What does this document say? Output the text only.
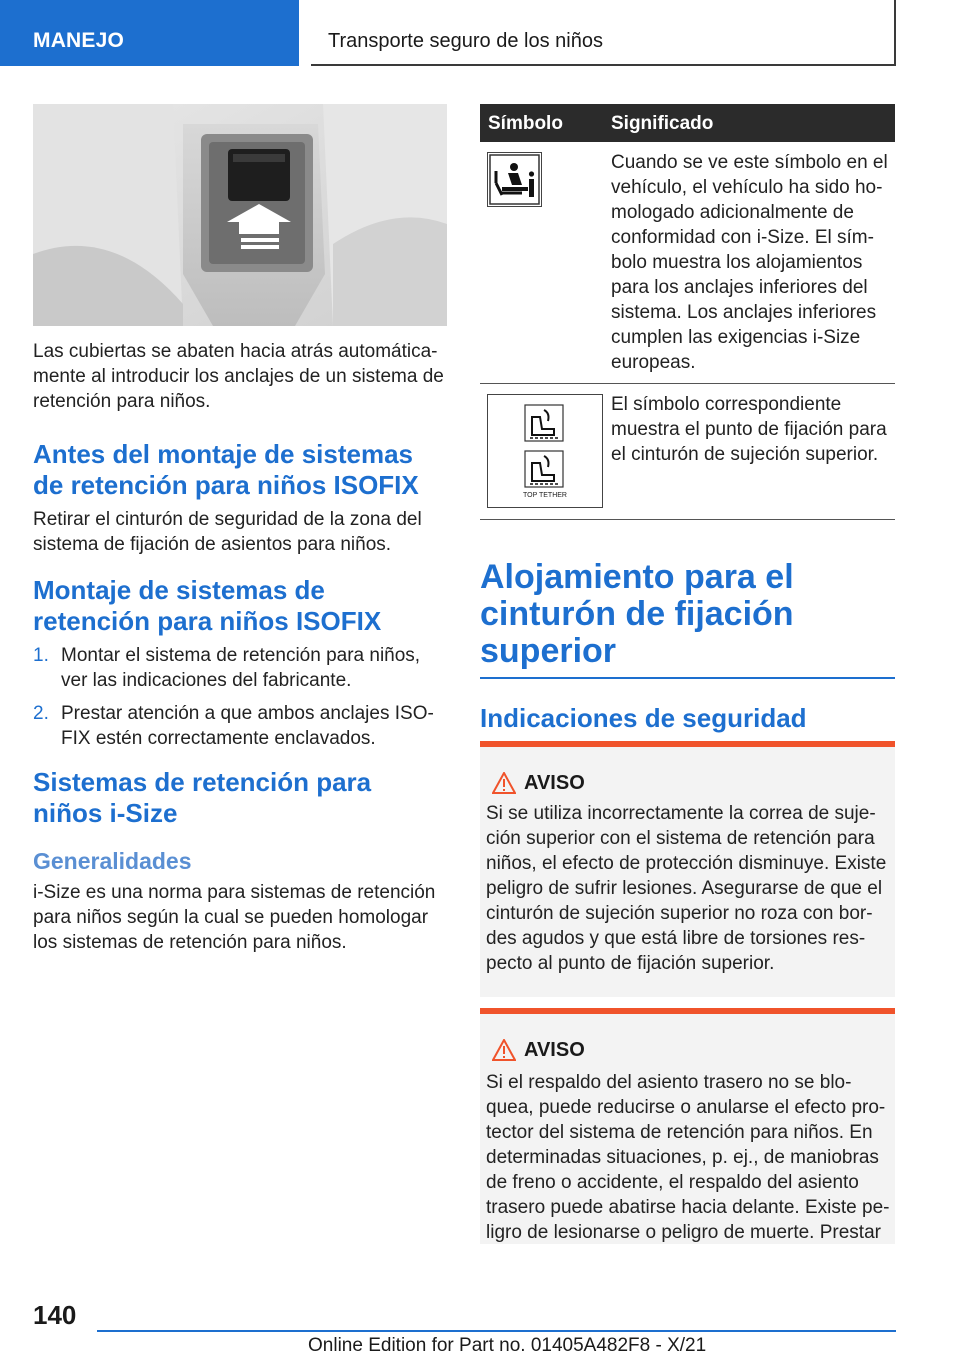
MANEJO	Transporte seguro de los niños

Las cubiertas se abaten hacia atrás automática-mente al introducir los anclajes de un sistema de retención para niños.

Antes del montaje de sistemas de retención para niños ISOFIX

Retirar el cinturón de seguridad de la zona del sistema de fijación de asientos para niños.

Montaje de sistemas de retención para niños ISOFIX
1. Montar el sistema de retención para niños, ver las indicaciones del fabricante.
2. Prestar atención a que ambos anclajes ISO-FIX estén correctamente enclavados.
Sistemas de retención para niños i-Size
Generalidades

i-Size es una norma para sistemas de retención para niños según la cual se pueden homologar los sistemas de retención para niños.

Símbolo	Significado

Cuando se ve este símbolo en el vehículo, el vehículo ha sido ho-mologado adicionalmente de conformidad con i-Size. El sím-bolo muestra los alojamientos para los anclajes inferiores del sistema. Los anclajes inferiores cumplen las exigencias i-Size europeas.

TOP TETHER

El símbolo correspondiente muestra el punto de fijación para el cinturón de sujeción superior.

Alojamiento para el cinturón de fijación superior
Indicaciones de seguridad
AVISO

Si se utiliza incorrectamente la correa de suje-ción superior con el sistema de retención para niños, el efecto de protección disminuye. Existe peligro de sufrir lesiones. Asegurarse de que el cinturón de sujeción superior no roza con bor-des agudos y que está libre de torsiones res-pecto al punto de fijación superior.

AVISO

Si el respaldo del asiento trasero no se blo-quea, puede reducirse o anularse el efecto pro-tector del sistema de retención para niños. En determinadas situaciones, p. ej., de maniobras de freno o accidente, el respaldo del asiento trasero puede abatirse hacia delante. Existe pe-ligro de lesionarse o peligro de muerte. Prestar

140
Online Edition for Part no. 01405A482F8 - X/21
